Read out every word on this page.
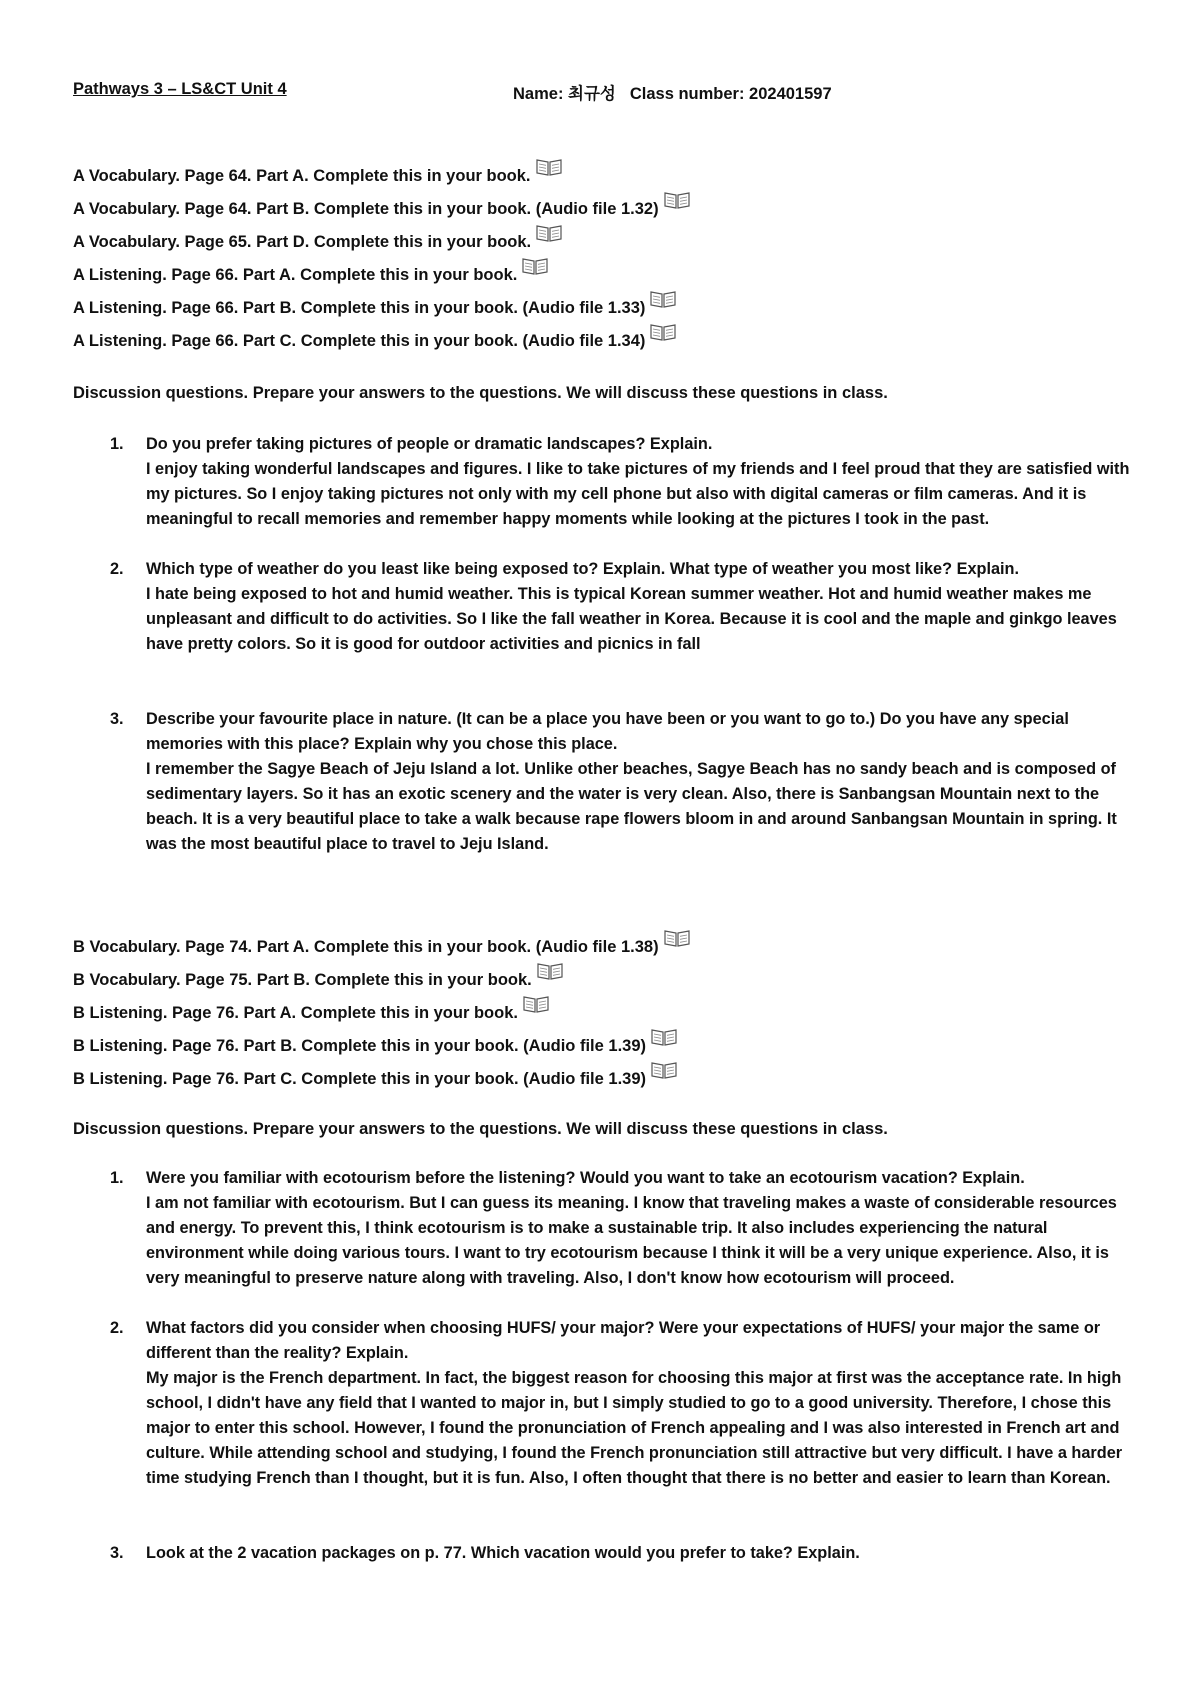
Pathways 3 – LS&CT Unit 4	Name: 최규성 Class number: 202401597
A Vocabulary. Page 64. Part A. Complete this in your book.
A Vocabulary. Page 64. Part B. Complete this in your book. (Audio file 1.32)
A Vocabulary. Page 65. Part D. Complete this in your book.
A Listening. Page 66. Part A. Complete this in your book.
A Listening. Page 66. Part B. Complete this in your book. (Audio file 1.33)
A Listening. Page 66. Part C. Complete this in your book. (Audio file 1.34)
Discussion questions. Prepare your answers to the questions. We will discuss these questions in class.
1. Do you prefer taking pictures of people or dramatic landscapes? Explain.
I enjoy taking wonderful landscapes and figures. I like to take pictures of my friends and I feel proud that they are satisfied with my pictures. So I enjoy taking pictures not only with my cell phone but also with digital cameras or film cameras. And it is meaningful to recall memories and remember happy moments while looking at the pictures I took in the past.
2. Which type of weather do you least like being exposed to? Explain. What type of weather you most like? Explain.
I hate being exposed to hot and humid weather. This is typical Korean summer weather. Hot and humid weather makes me unpleasant and difficult to do activities. So I like the fall weather in Korea. Because it is cool and the maple and ginkgo leaves have pretty colors. So it is good for outdoor activities and picnics in fall
3. Describe your favourite place in nature. (It can be a place you have been or you want to go to.) Do you have any special memories with this place? Explain why you chose this place.
I remember the Sagye Beach of Jeju Island a lot. Unlike other beaches, Sagye Beach has no sandy beach and is composed of sedimentary layers. So it has an exotic scenery and the water is very clean. Also, there is Sanbangsan Mountain next to the beach. It is a very beautiful place to take a walk because rape flowers bloom in and around Sanbangsan Mountain in spring. It was the most beautiful place to travel to Jeju Island.
B Vocabulary. Page 74. Part A. Complete this in your book. (Audio file 1.38)
B Vocabulary. Page 75. Part B. Complete this in your book.
B Listening. Page 76. Part A. Complete this in your book.
B Listening. Page 76. Part B. Complete this in your book. (Audio file 1.39)
B Listening. Page 76. Part C. Complete this in your book. (Audio file 1.39)
Discussion questions. Prepare your answers to the questions. We will discuss these questions in class.
1. Were you familiar with ecotourism before the listening? Would you want to take an ecotourism vacation? Explain.
I am not familiar with ecotourism. But I can guess its meaning. I know that traveling makes a waste of considerable resources and energy. To prevent this, I think ecotourism is to make a sustainable trip. It also includes experiencing the natural environment while doing various tours. I want to try ecotourism because I think it will be a very unique experience. Also, it is very meaningful to preserve nature along with traveling. Also, I don't know how ecotourism will proceed.
2. What factors did you consider when choosing HUFS/ your major? Were your expectations of HUFS/ your major the same or different than the reality? Explain.
My major is the French department. In fact, the biggest reason for choosing this major at first was the acceptance rate. In high school, I didn't have any field that I wanted to major in, but I simply studied to go to a good university. Therefore, I chose this major to enter this school. However, I found the pronunciation of French appealing and I was also interested in French art and culture. While attending school and studying, I found the French pronunciation still attractive but very difficult. I have a harder time studying French than I thought, but it is fun. Also, I often thought that there is no better and easier to learn than Korean.
3. Look at the 2 vacation packages on p. 77. Which vacation would you prefer to take? Explain.
